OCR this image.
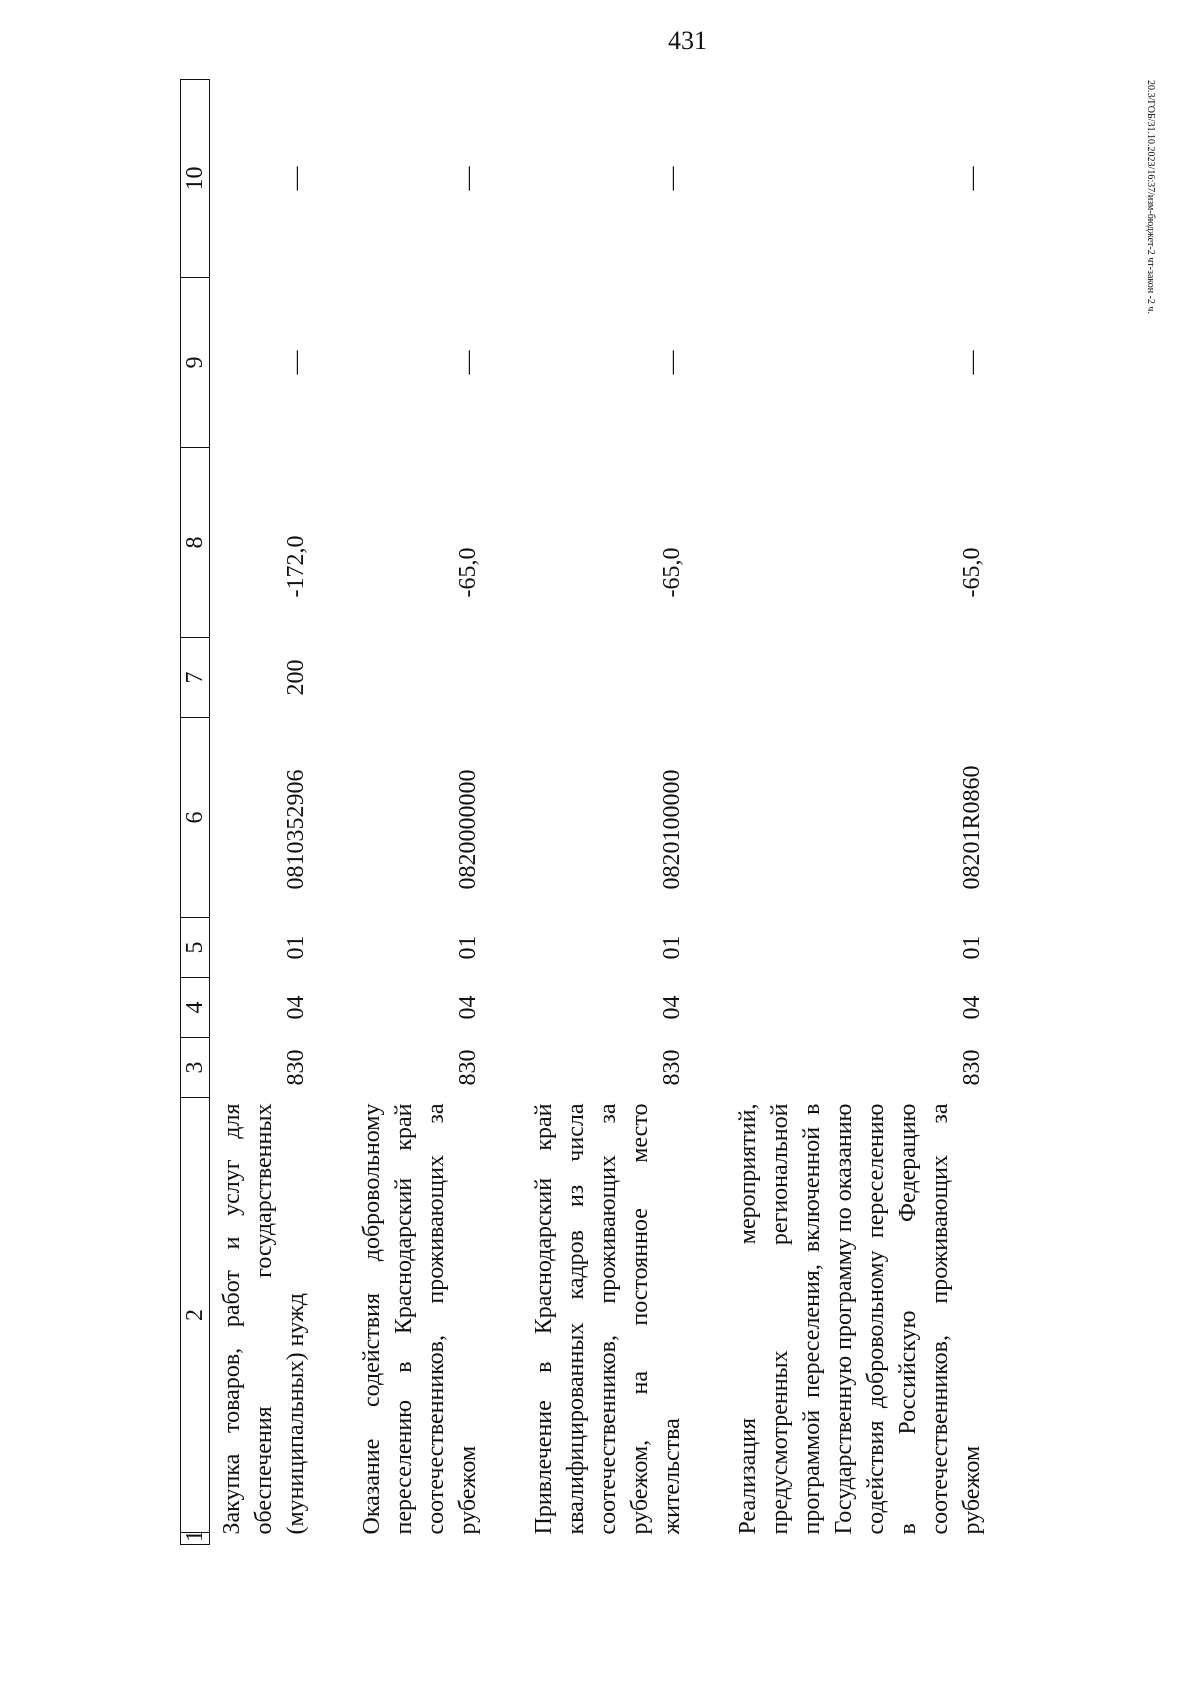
431
20.3/ГОБ/31.10.2023/16:37/изм-бюджет-2 чт-закон -2 ч.
1	2	3	4	5	6	7	8	9	10
Закупка товаров, работ и услуг для обеспечения государственных (муниципальных) нужд		830	04	01	0810352906	200	-172,0	—	—

Оказание содействия добровольному переселению в Краснодарский край соотечественников, проживающих за рубежом		830	04	01	0820000000		-65,0	—	—

Привлечение в Краснодарский край квалифицированных кадров из числа соотечественников, проживающих за рубежом, на постоянное место жительства		830	04	01	0820100000		-65,0	—	—

Реализация мероприятий, предусмотренных региональной программой переселения, включенной в Государственную программу по оказанию содействия добровольному переселению в Российскую Федерацию соотечественников, проживающих за рубежом		830	04	01	08201R0860		-65,0	—	—
